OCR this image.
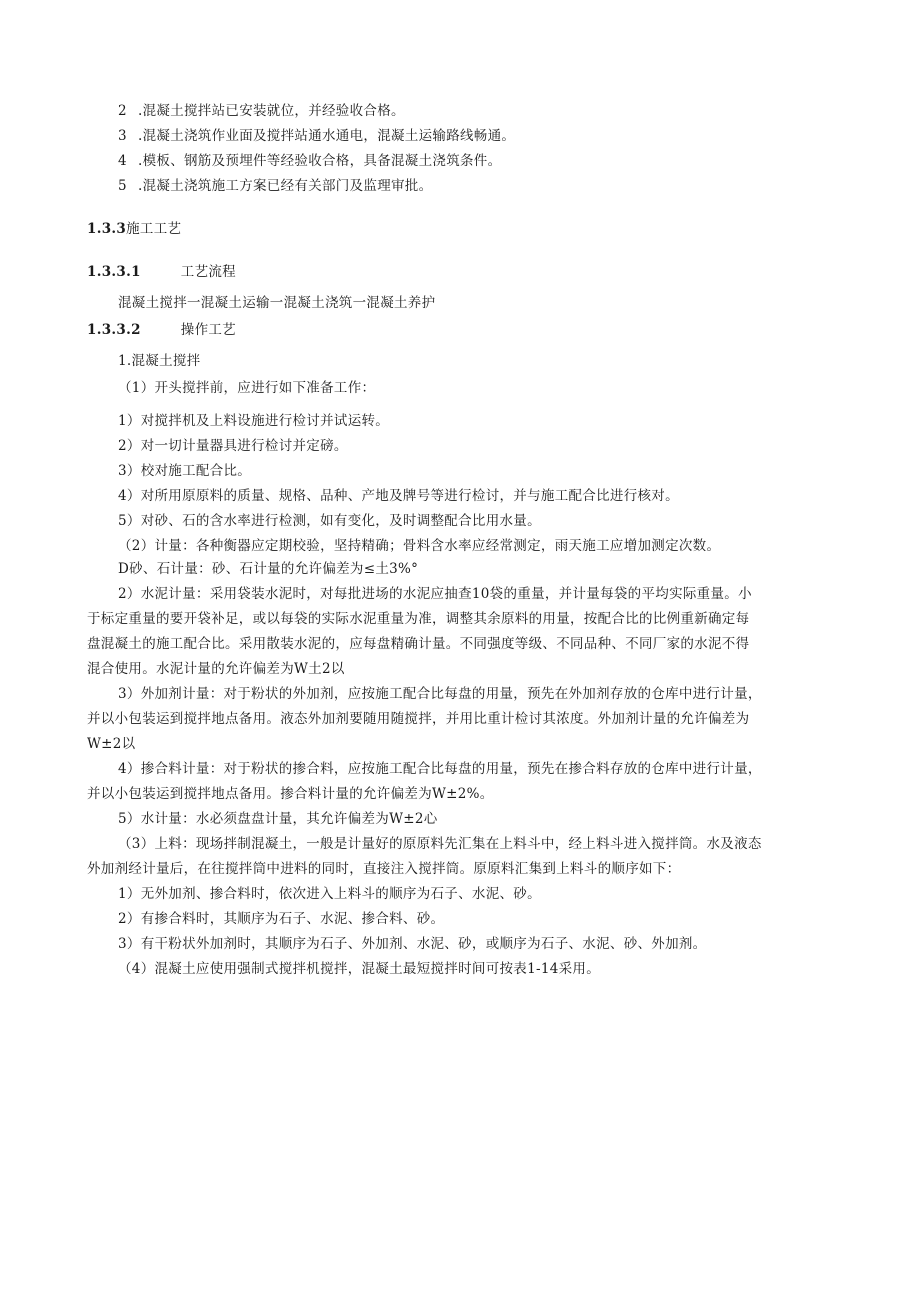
2 .混凝土搅拌站已安装就位，并经验收合格。
3 .混凝土浇筑作业面及搅拌站通水通电，混凝土运输路线畅通。
4 .模板、钢筋及预埋件等经验收合格，具备混凝土浇筑条件。
5 .混凝土浇筑施工方案已经有关部门及监理审批。
1.3.3施工工艺
1.3.3.1	工艺流程
混凝土搅拌一混凝土运输一混凝土浇筑一混凝土养护
1.3.3.2	操作工艺
1.混凝土搅拌
（1）开头搅拌前，应进行如下准备工作：
1）对搅拌机及上料设施进行检讨并试运转。
2）对一切计量器具进行检讨并定磅。
3）校对施工配合比。
4）对所用原原料的质量、规格、品种、产地及牌号等进行检讨，并与施工配合比进行核对。
5）对砂、石的含水率进行检测，如有变化，及时调整配合比用水量。
（2）计量：各种衡器应定期校验，坚持精确；骨料含水率应经常测定，雨天施工应增加测定次数。
D砂、石计量：砂、石计量的允许偏差为≤土3%°
2）水泥计量：采用袋装水泥时，对每批进场的水泥应抽查10袋的重量，并计量每袋的平均实际重量。小
于标定重量的要开袋补足，或以每袋的实际水泥重量为准，调整其余原料的用量，按配合比的比例重新确定每
盘混凝土的施工配合比。采用散装水泥的，应每盘精确计量。不同强度等级、不同品种、不同厂家的水泥不得
混合使用。水泥计量的允许偏差为W土2以
3）外加剂计量：对于粉状的外加剂，应按施工配合比每盘的用量，预先在外加剂存放的仓库中进行计量，
并以小包装运到搅拌地点备用。液态外加剂要随用随搅拌，并用比重计检讨其浓度。外加剂计量的允许偏差为
W±2以
4）掺合料计量：对于粉状的掺合料，应按施工配合比每盘的用量，预先在掺合料存放的仓库中进行计量，
并以小包装运到搅拌地点备用。掺合料计量的允许偏差为W±2%。
5）水计量：水必须盘盘计量，其允许偏差为W±2心
（3）上料：现场拌制混凝土，一般是计量好的原原料先汇集在上料斗中，经上料斗进入搅拌筒。水及液态
外加剂经计量后，在往搅拌筒中进料的同时，直接注入搅拌筒。原原料汇集到上料斗的顺序如下：
1）无外加剂、掺合料时，依次进入上料斗的顺序为石子、水泥、砂。
2）有掺合料时，其顺序为石子、水泥、掺合料、砂。
3）有干粉状外加剂时，其顺序为石子、外加剂、水泥、砂，或顺序为石子、水泥、砂、外加剂。
（4）混凝土应使用强制式搅拌机搅拌，混凝土最短搅拌时间可按表1-14采用。
